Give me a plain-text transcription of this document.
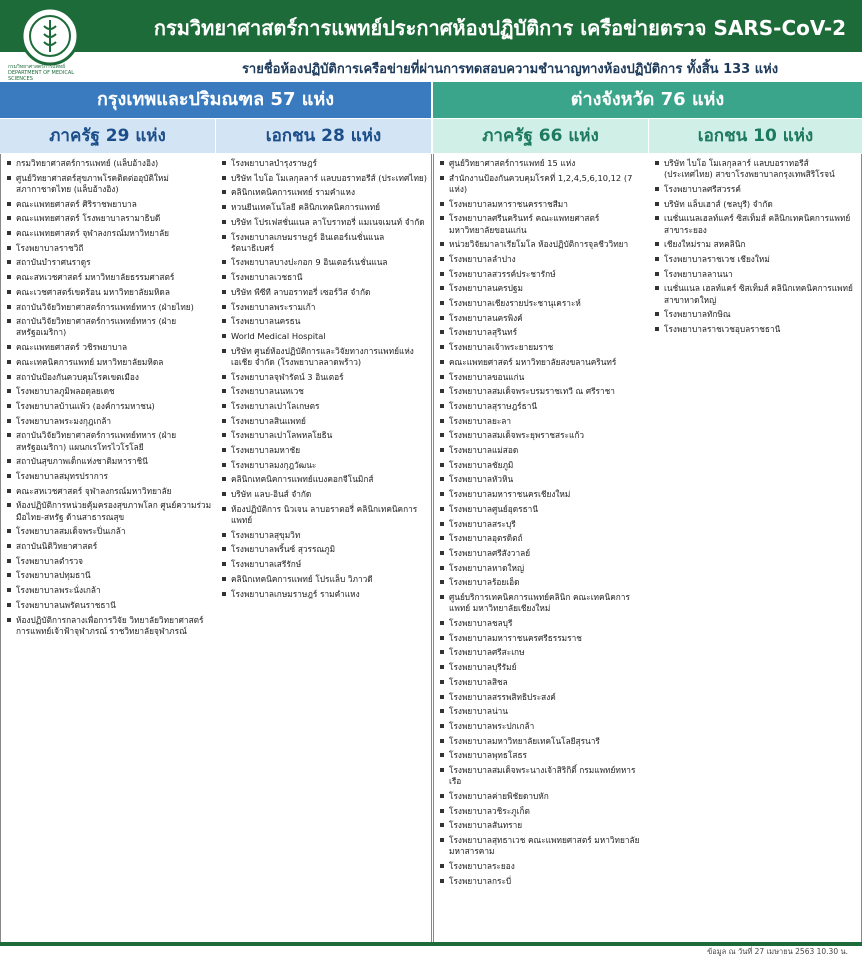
กรมวิทยาศาสตร์การแพทย์ DEPARTMENT OF MEDICAL SCIENCES
กรมวิทยาศาสตร์การแพทย์ประกาศห้องปฏิบัติการ เครือข่ายตรวจ SARS-CoV-2
รายชื่อห้องปฏิบัติการเครือข่ายที่ผ่านการทดสอบความชำนาญทางห้องปฏิบัติการ ทั้งสิ้น 133 แห่ง
กรุงเทพและปริมณฑล 57 แห่ง	ต่างจังหวัด 76 แห่ง
ภาครัฐ 29 แห่ง	เอกชน 28 แห่ง	ภาครัฐ 66 แห่ง	เอกชน 10 แห่ง
กรมวิทยาศาสตร์การแพทย์ (แล็บอ้างอิง)
ศูนย์วิทยาศาสตร์สุขภาพโรคติดต่ออุบัติใหม่ สภากาชาดไทย (แล็บอ้างอิง)
คณะแพทยศาสตร์ ศิริราชพยาบาล
คณะแพทยศาสตร์ โรงพยาบาลรามาธิบดี
คณะแพทยศาสตร์ จุฬาลงกรณ์มหาวิทยาลัย
โรงพยาบาลราชวิถี
สถาบันบำราศนราดูร
คณะสหเวชศาสตร์ มหาวิทยาลัยธรรมศาสตร์
คณะเวชศาสตร์เขตร้อน มหาวิทยาลัยมหิดล
สถาบันวิจัยวิทยาศาสตร์การแพทย์ทหาร (ฝ่ายไทย)
สถาบันวิจัยวิทยาศาสตร์การแพทย์ทหาร (ฝ่ายสหรัฐอเมริกา)
คณะแพทยศาสตร์ วชิรพยาบาล
คณะเทคนิคการแพทย์ มหาวิทยาลัยมหิดล
สถาบันป้องกันควบคุมโรคเขตเมือง
โรงพยาบาลภูมิพลอดุลยเดช
โรงพยาบาลบ้านแพ้ว (องค์การมหาชน)
โรงพยาบาลพระมงกุฎเกล้า
สถาบันวิจัยวิทยาศาสตร์การแพทย์ทหาร (ฝ่ายสหรัฐอเมริกา) แผนกเรโทรไวโรโลยี
สถาบันสุขภาพเด็กแห่งชาติมหาราชินี
โรงพยาบาลสมุทรปราการ
คณะสหเวชศาสตร์ จุฬาลงกรณ์มหาวิทยาลัย
ห้องปฏิบัติการหน่วยคุ้มครองสุขภาพโลก ศูนย์ความร่วมมือไทย-สหรัฐ ด้านสาธารณสุข
โรงพยาบาลสมเด็จพระปิ่นเกล้า
สถาบันนิติวิทยาศาสตร์
โรงพยาบาลตำรวจ
โรงพยาบาลปทุมธานี
โรงพยาบาลพระนั่งเกล้า
โรงพยาบาลนพรัตนราชธานี
ห้องปฏิบัติการกลางเพื่อการวิจัย วิทยาลัยวิทยาศาสตร์การแพทย์เจ้าฟ้าจุฬาภรณ์ ราชวิทยาลัยจุฬาภรณ์
โรงพยาบาลบำรุงราษฎร์
บริษัท ไบโอ โมเลกุลลาร์ แลบบอราทอรีส์ (ประเทศไทย)
คลินิกเทคนิคการแพทย์ รามคำแหง
หวนยีนเทคโนโลยี คลินิกเทคนิคการแพทย์
บริษัท โปรเฟสชั่นแนล ลาโบราทอรี่ แมเนจเมนท์ จำกัด
โรงพยาบาลเกษมราษฎร์ อินเตอร์เนชั่นแนล รัตนาธิเบศร์
โรงพยาบาลบางปะกอก 9 อินเตอร์เนชั่นแนล
โรงพยาบาลเวชธานี
บริษัท พีซีที ลาบอราทอรี่ เซอร์วิส จำกัด
โรงพยาบาลพระรามเก้า
โรงพยาบาลนครธน
World Medical Hospital
บริษัท ศูนย์ห้องปฏิบัติการและวิจัยทางการแพทย์แห่งเอเชีย จำกัด (โรงพยาบาลลาดพร้าว)
โรงพยาบาลจุฬารัตน์ 3 อินเตอร์
โรงพยาบาลนนทเวช
โรงพยาบาลเปาโลเกษตร
โรงพยาบาลสินแพทย์
โรงพยาบาลเปาโลพหลโยธิน
โรงพยาบาลมหาชัย
โรงพยาบาลมงกุฎวัฒนะ
คลินิกเทคนิคการแพทย์แบงคอกจีโนมิกส์
บริษัท แลบ-อินส์ จำกัด
ห้องปฏิบัติการ นิวเจน ลาบอราตอรี่ คลินิกเทคนิคการแพทย์
โรงพยาบาลสุขุมวิท
โรงพยาบาลพริ้นซ์ สุวรรณภูมิ
โรงพยาบาลเสรีรักษ์
คลินิกเทคนิคการแพทย์ โปรแล็บ วิภาวดี
โรงพยาบาลเกษมราษฎร์ รามคำแหง
ศูนย์วิทยาศาสตร์การแพทย์ 15 แห่ง
สำนักงานป้องกันควบคุมโรคที่ 1,2,4,5,6,10,12 (7 แห่ง)
โรงพยาบาลมหาราชนครราชสีมา
โรงพยาบาลศรีนครินทร์ คณะแพทยศาสตร์ มหาวิทยาลัยขอนแก่น
หน่วยวิจัยมาลาเรียโมโล ห้องปฏิบัติการจุลชีววิทยา
โรงพยาบาลลำปาง
โรงพยาบาลสวรรค์ประชารักษ์
โรงพยาบาลนครปฐม
โรงพยาบาลเชียงรายประชานุเคราะห์
โรงพยาบาลนครพิงค์
โรงพยาบาลสุรินทร์
โรงพยาบาลเจ้าพระยายมราช
คณะแพทยศาสตร์ มหาวิทยาลัยสงขลานครินทร์
โรงพยาบาลขอนแก่น
โรงพยาบาลสมเด็จพระบรมราชเทวี ณ ศรีราชา
โรงพยาบาลสุราษฎร์ธานี
โรงพยาบาลยะลา
โรงพยาบาลสมเด็จพระยุพราชสระแก้ว
โรงพยาบาลแม่สอด
โรงพยาบาลชัยภูมิ
โรงพยาบาลหัวหิน
โรงพยาบาลมหาราชนครเชียงใหม่
โรงพยาบาลศูนย์อุดรธานี
โรงพยาบาลสระบุรี
โรงพยาบาลอุตรดิตถ์
โรงพยาบาลศรีสังวาลย์
โรงพยาบาลหาดใหญ่
โรงพยาบาลร้อยเอ็ด
ศูนย์บริการเทคนิคการแพทย์คลินิก คณะเทคนิคการแพทย์ มหาวิทยาลัยเชียงใหม่
โรงพยาบาลชลบุรี
โรงพยาบาลมหาราชนครศรีธรรมราช
โรงพยาบาลศรีสะเกษ
โรงพยาบาลบุรีรัมย์
โรงพยาบาลสิชล
โรงพยาบาลสรรพสิทธิประสงค์
โรงพยาบาลน่าน
โรงพยาบาลพระปกเกล้า
โรงพยาบาลมหาวิทยาลัยเทคโนโลยีสุรนารี
โรงพยาบาลพุทธโสธร
โรงพยาบาลสมเด็จพระนางเจ้าสิริกิติ์ กรมแพทย์ทหารเรือ
โรงพยาบาลค่ายพิชัยดาบหัก
โรงพยาบาลวชิระภูเก็ต
โรงพยาบาลสันทราย
โรงพยาบาลสุทธาเวช คณะแพทยศาสตร์ มหาวิทยาลัยมหาสารคาม
โรงพยาบาลระยอง
โรงพยาบาลกระบี่
บริษัท ไบโอ โมเลกุลลาร์ แลบบอราทอรีส์ (ประเทศไทย) สาขาโรงพยาบาลกรุงเทพสิริโรจน์
โรงพยาบาลศรีสวรรค์
บริษัท แล็บเฮาส์ (ชลบุรี) จำกัด
เนชั่นแนลเฮลท์แคร์ ซิสเท็มส์ คลินิกเทคนิคการแพทย์ สาขาระยอง
เชียงใหม่ราม สหคลินิก
โรงพยาบาลราชเวช เชียงใหม่
โรงพยาบาลลานนา
เนชั่นแนล เฮลท์แคร์ ซิสเท็มส์ คลินิกเทคนิคการแพทย์ สาขาหาดใหญ่
โรงพยาบาลทักษิณ
โรงพยาบาลราชเวชอุบลราชธานี
ข้อมูล ณ วันที่ 27 เมษายน 2563 10.30 น.
